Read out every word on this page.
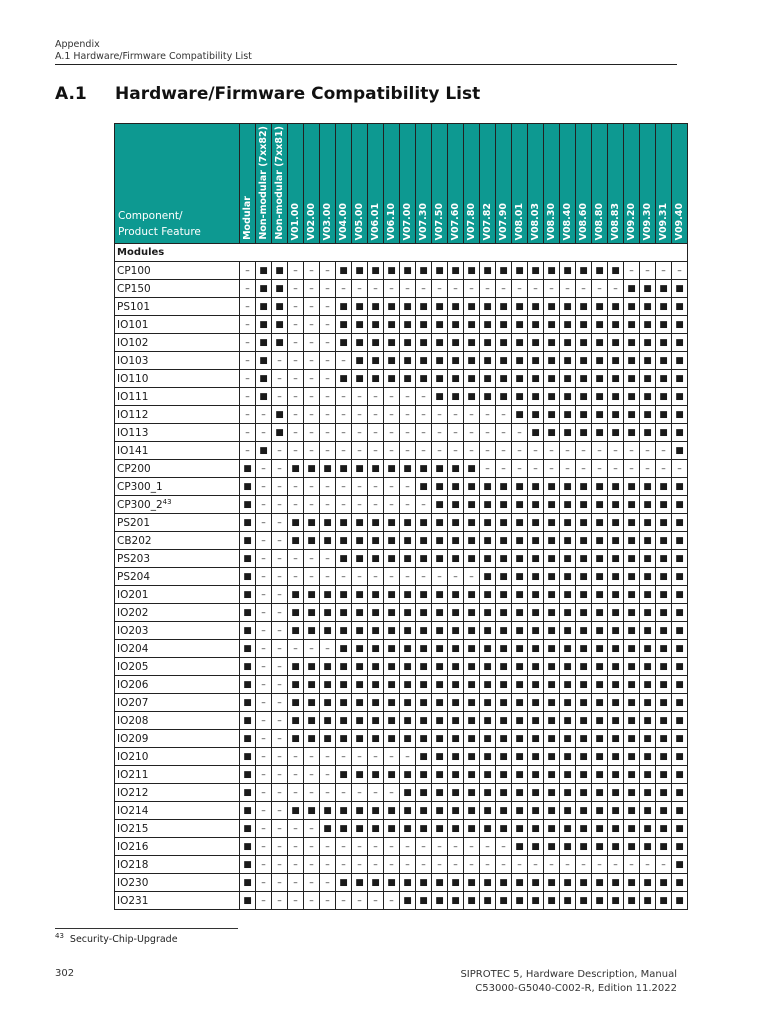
Appendix
A.1 Hardware/Firmware Compatibility List
A.1 Hardware/Firmware Compatibility List
Component/
Product Feature	Modular	Non-modular (7xx82)	Non-modular (7xx81)	V01.00	V02.00	V03.00	V04.00	V05.00	V06.01	V06.10	V07.00	V07.30	V07.50	V07.60	V07.80	V07.82	V07.90	V08.01	V08.03	V08.30	V08.40	V08.60	V08.80	V08.83	V09.20	V09.30	V09.31	V09.40

Modules																												
CP100	–	■	■	–	–	–	■	■	■	■	■	■	■	■	■	■	■	■	■	■	■	■	■	■	–	–	–	–
CP150	–	■	■	–	–	–	–	–	–	–	–	–	–	–	–	–	–	–	–	–	–	–	–	–	■	■	■	■
PS101	–	■	■	–	–	–	■	■	■	■	■	■	■	■	■	■	■	■	■	■	■	■	■	■	■	■	■	■
IO101	–	■	■	–	–	–	■	■	■	■	■	■	■	■	■	■	■	■	■	■	■	■	■	■	■	■	■	■
IO102	–	■	■	–	–	–	■	■	■	■	■	■	■	■	■	■	■	■	■	■	■	■	■	■	■	■	■	■
IO103	–	■	–	–	–	–	–	■	■	■	■	■	■	■	■	■	■	■	■	■	■	■	■	■	■	■	■	■
IO110	–	■	–	–	–	–	■	■	■	■	■	■	■	■	■	■	■	■	■	■	■	■	■	■	■	■	■	■
IO111	–	■	–	–	–	–	–	–	–	–	–	–	■	■	■	■	■	■	■	■	■	■	■	■	■	■	■	■
IO112	–	–	■	–	–	–	–	–	–	–	–	–	–	–	–	–	–	■	■	■	■	■	■	■	■	■	■	■
IO113	–	–	■	–	–	–	–	–	–	–	–	–	–	–	–	–	–	–	■	■	■	■	■	■	■	■	■	■
IO141	–	■	–	–	–	–	–	–	–	–	–	–	–	–	–	–	–	–	–	–	–	–	–	–	–	–	–	■
CP200	■	–	–	■	■	■	■	■	■	■	■	■	■	■	■	–	–	–	–	–	–	–	–	–	–	–	–	–
CP300_1	■	–	–	–	–	–	–	–	–	–	–	■	■	■	■	■	■	■	■	■	■	■	■	■	■	■	■	■
$CP300\_2^{43}$	■	–	–	–	–	–	–	–	–	–	–	–	■	■	■	■	■	■	■	■	■	■	■	■	■	■	■	■
PS201	■	–	–	■	■	■	■	■	■	■	■	■	■	■	■	■	■	■	■	■	■	■	■	■	■	■	■	■
CB202	■	–	–	■	■	■	■	■	■	■	■	■	■	■	■	■	■	■	■	■	■	■	■	■	■	■	■	■
PS203	■	–	–	–	–	–	■	■	■	■	■	■	■	■	■	■	■	■	■	■	■	■	■	■	■	■	■	■
PS204	■	–	–	–	–	–	–	–	–	–	–	–	–	–	–	■	■	■	■	■	■	■	■	■	■	■	■	■
IO201	■	–	–	■	■	■	■	■	■	■	■	■	■	■	■	■	■	■	■	■	■	■	■	■	■	■	■	■
IO202	■	–	–	■	■	■	■	■	■	■	■	■	■	■	■	■	■	■	■	■	■	■	■	■	■	■	■	■
IO203	■	–	–	■	■	■	■	■	■	■	■	■	■	■	■	■	■	■	■	■	■	■	■	■	■	■	■	■
IO204	■	–	–	–	–	–	■	■	■	■	■	■	■	■	■	■	■	■	■	■	■	■	■	■	■	■	■	■
IO205	■	–	–	■	■	■	■	■	■	■	■	■	■	■	■	■	■	■	■	■	■	■	■	■	■	■	■	■
IO206	■	–	–	■	■	■	■	■	■	■	■	■	■	■	■	■	■	■	■	■	■	■	■	■	■	■	■	■
IO207	■	–	–	■	■	■	■	■	■	■	■	■	■	■	■	■	■	■	■	■	■	■	■	■	■	■	■	■
IO208	■	–	–	■	■	■	■	■	■	■	■	■	■	■	■	■	■	■	■	■	■	■	■	■	■	■	■	■
IO209	■	–	–	■	■	■	■	■	■	■	■	■	■	■	■	■	■	■	■	■	■	■	■	■	■	■	■	■
IO210	■	–	–	–	–	–	–	–	–	–	–	■	■	■	■	■	■	■	■	■	■	■	■	■	■	■	■	■
IO211	■	–	–	–	–	–	■	■	■	■	■	■	■	■	■	■	■	■	■	■	■	■	■	■	■	■	■	■
IO212	■	–	–	–	–	–	–	–	–	–	■	■	■	■	■	■	■	■	■	■	■	■	■	■	■	■	■	■
IO214	■	–	–	■	■	■	■	■	■	■	■	■	■	■	■	■	■	■	■	■	■	■	■	■	■	■	■	■
IO215	■	–	–	–	–	■	■	■	■	■	■	■	■	■	■	■	■	■	■	■	■	■	■	■	■	■	■	■
IO216	■	–	–	–	–	–	–	–	–	–	–	–	–	–	–	–	–	■	■	■	■	■	■	■	■	■	■	■
IO218	■	–	–	–	–	–	–	–	–	–	–	–	–	–	–	–	–	–	–	–	–	–	–	–	–	–	–	■
IO230	■	–	–	–	–	–	■	■	■	■	■	■	■	■	■	■	■	■	■	■	■	■	■	■	■	■	■	■
IO231	■	–	–	–	–	–	–	–	–	–	■	■	■	■	■	■	■	■	■	■	■	■	■	■	■	■	■	■
$^{43}$ Security-Chip-Upgrade
302	SIPROTEC 5, Hardware Description, Manual
C53000-G5040-C002-R, Edition 11.2022
